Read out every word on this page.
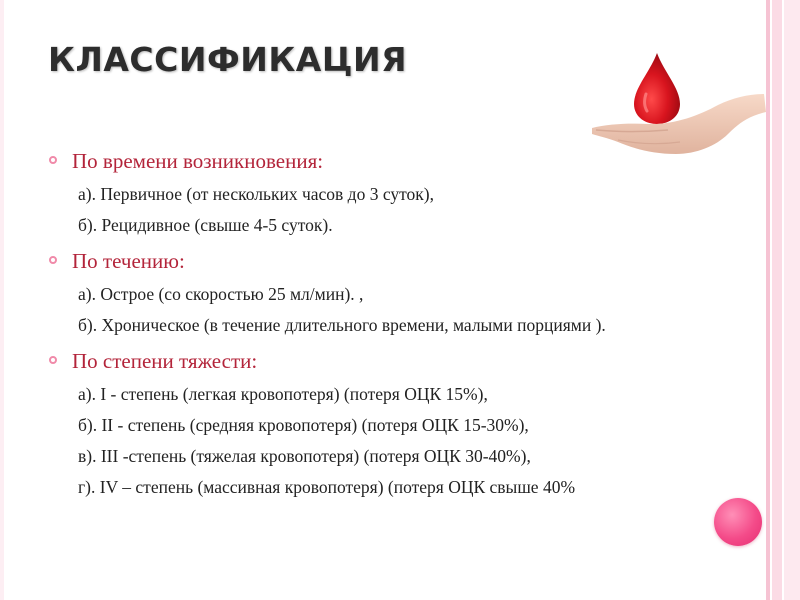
КЛАССИФИКАЦИЯ
По времени возникновения:
а). Первичное (от нескольких часов до 3 суток),
б). Рецидивное (свыше 4-5 суток).
По течению:
а). Острое (со скоростью 25 мл/мин). ,
б). Хроническое (в течение длительного времени, малыми порциями ).
По степени тяжести:
а). I - степень (легкая кровопотеря) (потеря ОЦК 15%),
б). II - степень (средняя кровопотеря) (потеря ОЦК 15-30%),
в). III -степень (тяжелая кровопотеря) (потеря ОЦК 30-40%),
г). IV – степень (массивная кровопотеря) (потеря ОЦК свыше 40%
